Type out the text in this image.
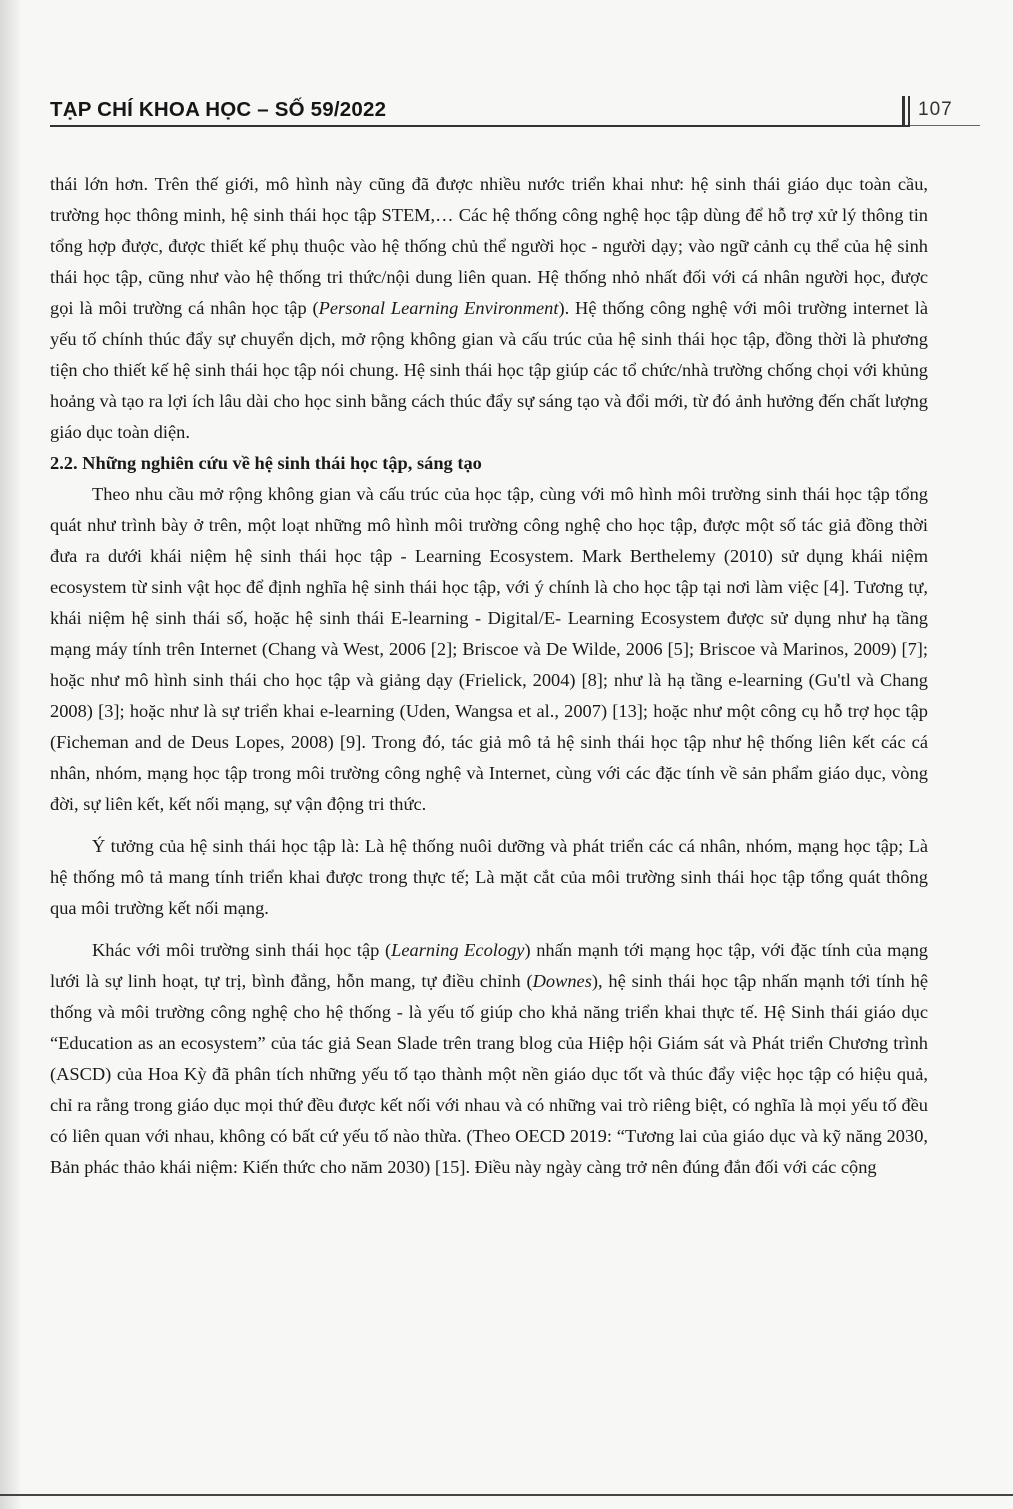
TẠP CHÍ KHOA HỌC – SỐ 59/2022	107

thái lớn hơn. Trên thế giới, mô hình này cũng đã được nhiều nước triển khai như: hệ sinh thái giáo dục toàn cầu, trường học thông minh, hệ sinh thái học tập STEM,… Các hệ thống công nghệ học tập dùng để hỗ trợ xử lý thông tin tổng hợp được, được thiết kế phụ thuộc vào hệ thống chủ thể người học - người dạy; vào ngữ cảnh cụ thể của hệ sinh thái học tập, cũng như vào hệ thống tri thức/nội dung liên quan. Hệ thống nhỏ nhất đối với cá nhân người học, được gọi là môi trường cá nhân học tập (Personal Learning Environment). Hệ thống công nghệ với môi trường internet là yếu tố chính thúc đẩy sự chuyển dịch, mở rộng không gian và cấu trúc của hệ sinh thái học tập, đồng thời là phương tiện cho thiết kế hệ sinh thái học tập nói chung. Hệ sinh thái học tập giúp các tổ chức/nhà trường chống chọi với khủng hoảng và tạo ra lợi ích lâu dài cho học sinh bằng cách thúc đẩy sự sáng tạo và đổi mới, từ đó ảnh hưởng đến chất lượng giáo dục toàn diện.

2.2. Những nghiên cứu về hệ sinh thái học tập, sáng tạo

Theo nhu cầu mở rộng không gian và cấu trúc của học tập, cùng với mô hình môi trường sinh thái học tập tổng quát như trình bày ở trên, một loạt những mô hình môi trường công nghệ cho học tập, được một số tác giả đồng thời đưa ra dưới khái niệm hệ sinh thái học tập - Learning Ecosystem. Mark Berthelemy (2010) sử dụng khái niệm ecosystem từ sinh vật học để định nghĩa hệ sinh thái học tập, với ý chính là cho học tập tại nơi làm việc [4]. Tương tự, khái niệm hệ sinh thái số, hoặc hệ sinh thái E-learning - Digital/E- Learning Ecosystem được sử dụng như hạ tầng mạng máy tính trên Internet (Chang và West, 2006 [2]; Briscoe và De Wilde, 2006 [5]; Briscoe và Marinos, 2009) [7]; hoặc như mô hình sinh thái cho học tập và giảng dạy (Frielick, 2004) [8]; như là hạ tầng e-learning (Gu'tl và Chang 2008) [3]; hoặc như là sự triển khai e-learning (Uden, Wangsa et al., 2007) [13]; hoặc như một công cụ hỗ trợ học tập (Ficheman and de Deus Lopes, 2008) [9]. Trong đó, tác giả mô tả hệ sinh thái học tập như hệ thống liên kết các cá nhân, nhóm, mạng học tập trong môi trường công nghệ và Internet, cùng với các đặc tính về sản phẩm giáo dục, vòng đời, sự liên kết, kết nối mạng, sự vận động tri thức.

Ý tưởng của hệ sinh thái học tập là: Là hệ thống nuôi dưỡng và phát triển các cá nhân, nhóm, mạng học tập; Là hệ thống mô tả mang tính triển khai được trong thực tế; Là mặt cắt của môi trường sinh thái học tập tổng quát thông qua môi trường kết nối mạng.

Khác với môi trường sinh thái học tập (Learning Ecology) nhấn mạnh tới mạng học tập, với đặc tính của mạng lưới là sự linh hoạt, tự trị, bình đẳng, hỗn mang, tự điều chỉnh (Downes), hệ sinh thái học tập nhấn mạnh tới tính hệ thống và môi trường công nghệ cho hệ thống - là yếu tố giúp cho khả năng triển khai thực tế. Hệ Sinh thái giáo dục “Education as an ecosystem” của tác giả Sean Slade trên trang blog của Hiệp hội Giám sát và Phát triển Chương trình (ASCD) của Hoa Kỳ đã phân tích những yếu tố tạo thành một nền giáo dục tốt và thúc đẩy việc học tập có hiệu quả, chỉ ra rằng trong giáo dục mọi thứ đều được kết nối với nhau và có những vai trò riêng biệt, có nghĩa là mọi yếu tố đều có liên quan với nhau, không có bất cứ yếu tố nào thừa. (Theo OECD 2019: “Tương lai của giáo dục và kỹ năng 2030, Bản phác thảo khái niệm: Kiến thức cho năm 2030) [15]. Điều này ngày càng trở nên đúng đắn đối với các cộng
